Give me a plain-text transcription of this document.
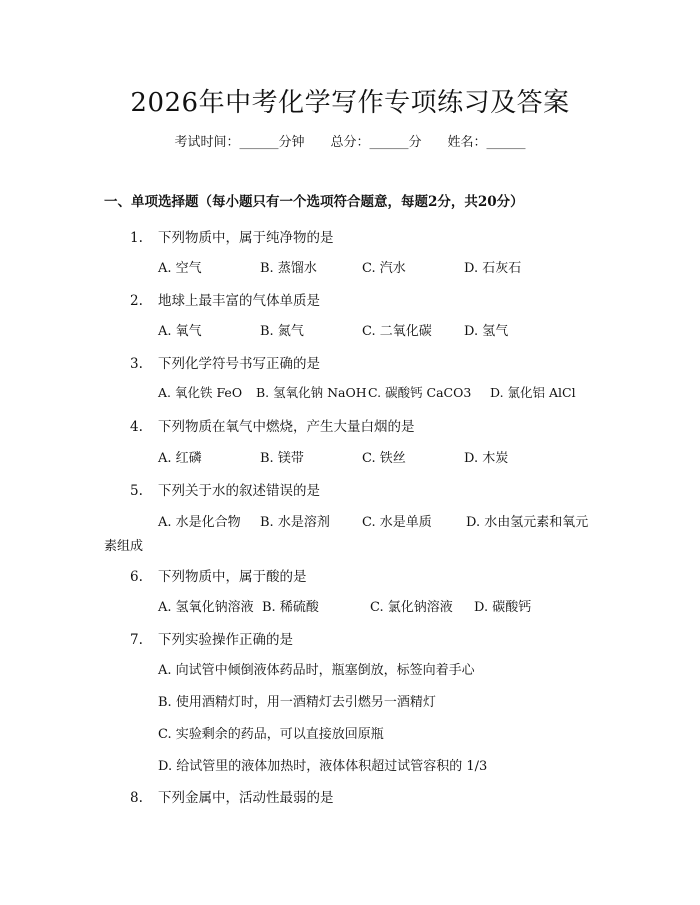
2026年中考化学写作专项练习及答案
考试时间：______分钟 总分：______分 姓名：______
一、单项选择题（每小题只有一个选项符合题意，每题2分，共20分）
1. 下列物质中，属于纯净物的是
A. 空气	B. 蒸馏水	C. 汽水	D. 石灰石
2. 地球上最丰富的气体单质是
A. 氧气	B. 氮气	C. 二氧化碳 D. 氢气
3. 下列化学符号书写正确的是
A. 氧化铁 FeO B. 氢氧化钠 NaOHC. 碳酸钙 CaCO3 D. 氯化铝 AlCl
4. 下列物质在氧气中燃烧，产生大量白烟的是
A. 红磷	B. 镁带	C. 铁丝	D. 木炭
5. 下列关于水的叙述错误的是
A. 水是化合物 B. 水是溶剂 C. 水是单质	D. 水由氢元素和氧元
素组成
6. 下列物质中，属于酸的是
A. 氢氧化钠溶液 B. 稀硫酸	C. 氯化钠溶液 D. 碳酸钙
7. 下列实验操作正确的是
A. 向试管中倾倒液体药品时，瓶塞倒放，标签向着手心
B. 使用酒精灯时，用一酒精灯去引燃另一酒精灯
C. 实验剩余的药品，可以直接放回原瓶
D. 给试管里的液体加热时，液体体积超过试管容积的 1/3
8. 下列金属中，活动性最弱的是
